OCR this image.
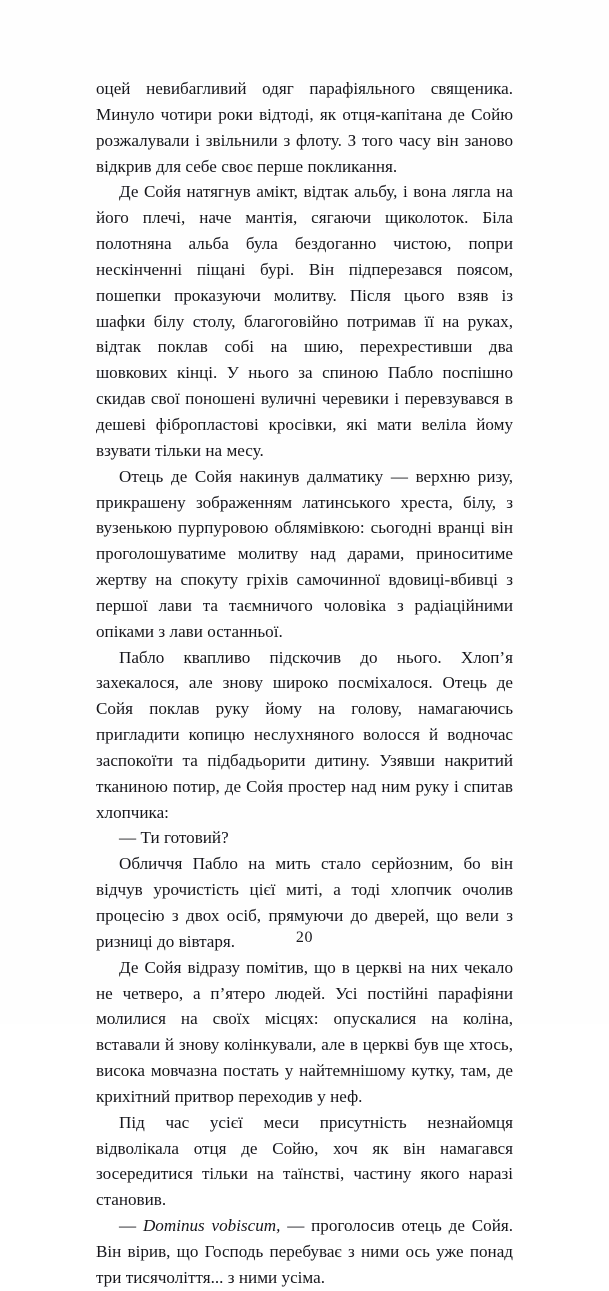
оцей невибагливий одяг парафіяльного священика. Минуло чотири роки відтоді, як отця-капітана де Сойю розжалували і звільнили з флоту. З того часу він заново відкрив для себе своє перше покликання.

Де Сойя натягнув амікт, відтак альбу, і вона лягла на його плечі, наче мантія, сягаючи щиколоток. Біла полотняна альба була бездоганно чистою, попри нескінченні піщані бурі. Він підперезався поясом, пошепки проказуючи молитву. Після цього взяв із шафки білу столу, благоговійно потримав її на руках, відтак поклав собі на шию, перехрестивши два шовкових кінці. У нього за спиною Пабло поспішно скидав свої поношені вуличні черевики і перевзувався в дешеві фібропластові кросівки, які мати веліла йому взувати тільки на месу.

Отець де Сойя накинув далматику — верхню ризу, прикрашену зображенням латинського хреста, білу, з вузенькою пурпуровою облямівкою: сьогодні вранці він проголошуватиме молитву над дарами, приноситиме жертву на спокуту гріхів самочинної вдовиці-вбивці з першої лави та таємничого чоловіка з радіаційними опіками з лави останньої.

Пабло квапливо підскочив до нього. Хлоп’я захекалося, але знову широко посміхалося. Отець де Сойя поклав руку йому на голову, намагаючись пригладити копицю неслухняного волосся й водночас заспокоїти та підбадьорити дитину. Узявши накритий тканиною потир, де Сойя простер над ним руку і спитав хлопчика:

— Ти готовий?

Обличчя Пабло на мить стало серйозним, бо він відчув урочистість цієї миті, а тоді хлопчик очолив процесію з двох осіб, прямуючи до дверей, що вели з ризниці до вівтаря.

Де Сойя відразу помітив, що в церкві на них чекало не четверо, а п’ятеро людей. Усі постійні парафіяни молилися на своїх місцях: опускалися на коліна, вставали й знову колінкували, але в церкві був ще хтось, висока мовчазна постать у найтемнішому кутку, там, де крихітний притвор переходив у неф.

Під час усієї меси присутність незнайомця відволікала отця де Сойю, хоч як він намагався зосередитися тільки на таїнстві, частину якого наразі становив.

— Dominus vobiscum, — проголосив отець де Сойя. Він вірив, що Господь перебуває з ними ось уже понад три тисячоліття... з ними усіма.

20
